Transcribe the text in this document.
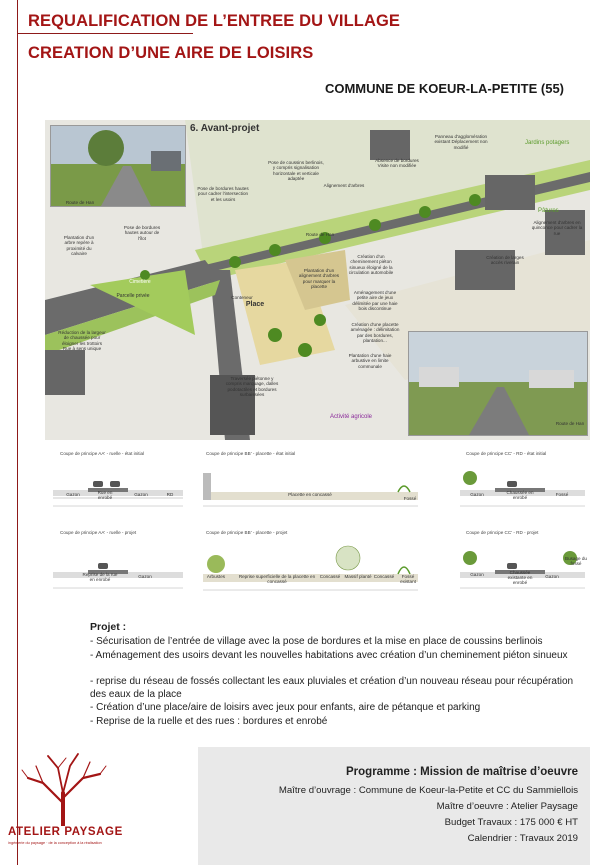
REQUALIFICATION DE L’ENTREE DU VILLAGE
CREATION D’UNE AIRE DE LOISIRS
COMMUNE DE KOEUR-LA-PETITE (55)
6. Avant-projet
Jardins potagers
Pâtures
Activité agricole
Parcelle privée
Cimetière
Place
Conteneur
Route de Han
Route de Han
Route de Han
Pose de coussins berlinois, y compris signalisation horizontale et verticale adaptée
Alignement d'arbres
Absence de bordures Visite non modifiée
Panneau d'agglomération existant Déplacement non modifié
Pose de bordures hautes pour cadrer l'intersection et les usoirs
Pose de bordures hautes autour de l'îlot
Plantation d'un arbre repère à proximité du calvaire
Création d'un cheminement piéton sinueux éloigné de la circulation automobile
Plantation d'un alignement d'arbres pour marquer la placette
Aménagement d'une petite aire de jeux délimitée par une haie bois discontinue
Création d'une placette aménagée : délimitation par des bordures, plantation...
Création de larges accès riverain
Alignement d'arbres en quinconce pour cadrer la rue
Réduction de la largeur de chaussée pour éloigner les trottoirs Rue à sens unique
Plantation d'une haie arbustive en limite communale
Traversée piétonne y compris marquage, dalles podotactiles et bordures surbaissées
Coupe de principe AA' - ruelle - état initial
Gazon	Rue en enrobé
Gazon	RD
Coupe de principe BB' - placette - état initial
Placette en concassé
Fossé
Coupe de principe CC' - RD - état initial
Gazon	Chaussée en enrobé
Fossé
Coupe de principe AA' - ruelle - projet
Reprise de la rue en enrobé
Gazon
Coupe de principe BB' - placette - projet
Arbustes	Reprise superficielle de la placette en concassé
Concassé Massif planté Concassé	Fossé existant
Coupe de principe CC' - RD - projet
Gazon	Chaussée existante en enrobé
Gazon
Busage du fossé
Projet :
- Sécurisation de l’entrée de village avec la pose de bordures et la mise en place de coussins berlinois
- Aménagement des usoirs devant les nouvelles habitations avec création d’un cheminement piéton sinueux
- reprise du réseau de fossés collectant les eaux pluviales et création d’un nouveau réseau pour récupération des eaux de la place
- Création d’une place/aire de loisirs avec jeux pour enfants, aire de pétanque et parking
- Reprise de la ruelle et des rues : bordures et enrobé
Programme : Mission de maîtrise d’oeuvre
Maître d’ouvrage : Commune de Koeur-la-Petite et CC du Sammiellois
Maître d’oeuvre : Atelier Paysage
Budget Travaux : 175 000 € HT
Calendrier : Travaux 2019
ATELIER PAYSAGE
ingénierie du paysage · de la conception à la réalisation
